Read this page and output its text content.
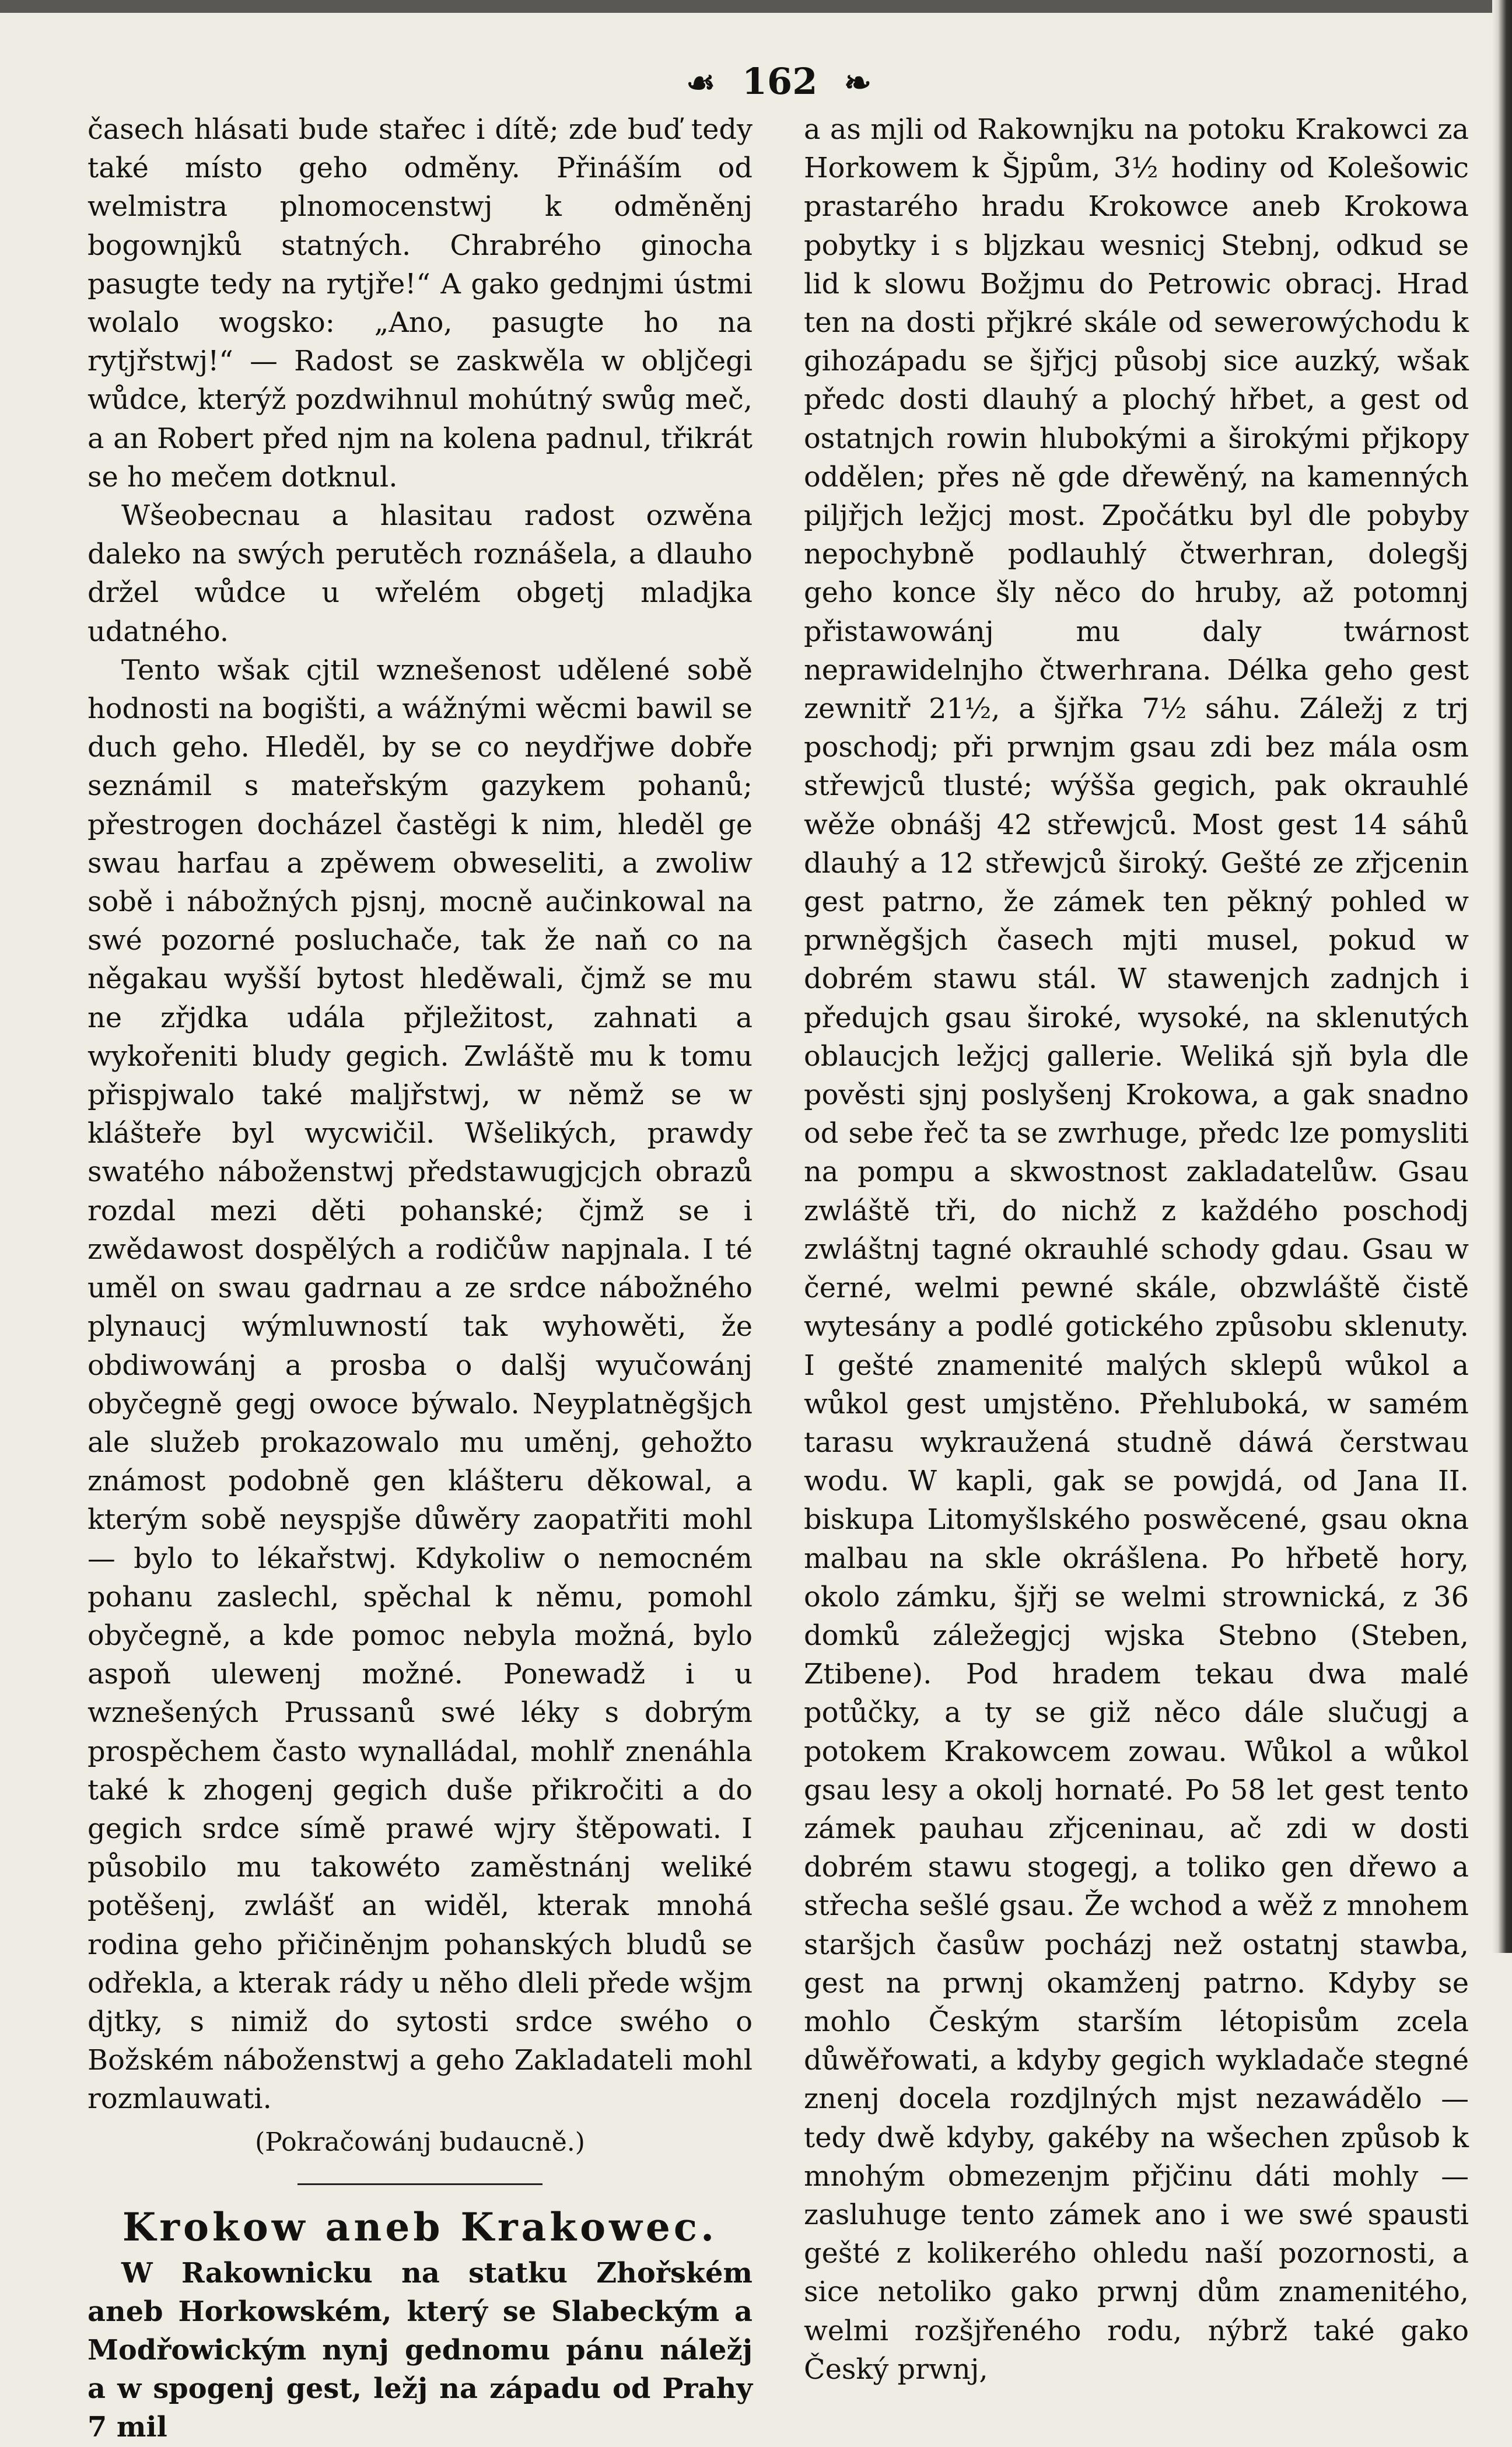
☙ 162 ❧

časech hlásati bude stařec i dítě; zde buď tedy také místo geho odměny. Přináším od welmistra plnomocenstwj k odměněnj bogownjků statných. Chrabrého ginocha pasugte tedy na rytjře!“ A gako gednjmi ústmi wolalo wogsko: „Ano, pasugte ho na rytjřstwj!“ — Radost se zaskwěla w oblјčegi wůdce, kterýž pozdwihnul mohútný swůg meč, a an Robert před njm na kolena padnul, třikrát se ho mečem dotknul.

Wšeobecnau a hlasitau radost ozwěna daleko na swých perutěch roznášela, a dlauho držel wůdce u wřelém obgetj mladjka udatného.

Tento wšak cjtil wznešenost udělené sobě hodnosti na bogišti, a wážnými wěcmi bawil se duch geho. Hleděl, by se co neydřjwe dobře seznámil s mateřským gazykem pohanů; přestrogen docházel častěgi k nim, hleděl ge swau harfau a zpěwem obweseliti, a zwoliw sobě i nábožných pjsnj, mocně aučinkowal na swé pozorné posluchače, tak že naň co na něgakau wyšší bytost hleděwali, čjmž se mu ne zřjdka udála přjležitost, zahnati a wykořeniti bludy gegich. Zwláště mu k tomu přispjwalo také malјřstwj, w němž se w klášteře byl wycwičil. Wšelikých, prawdy swatého náboženstwj předstawugjcjch obrazů rozdal mezi děti pohanské; čjmž se i zwědawost dospělých a rodičůw napjnala. I té uměl on swau gadrnau a ze srdce nábožného plynaucj wýmluwností tak wyhowěti, že obdiwowánj a prosba o dalšj wyučowánj obyčegně gegj owoce býwalo. Neyplatněgšjch ale služeb prokazowalo mu uměnj, gehožto známost podobně gen klášteru děkowal, a kterým sobě neyspjše důwěry zaopatřiti mohl — bylo to lékařstwj. Kdykoliw o nemocném pohanu zaslechl, spěchal k němu, pomohl obyčegně, a kde pomoc nebyla možná, bylo aspoň ulewenj možné. Ponewadž i u wznešených Prussanů swé léky s dobrým prospěchem často wynalládal, mohlř znenáhla také k zhogenj gegich duše přikročiti a do gegich srdce símě prawé wjry štěpowati. I působilo mu takowéto zaměstnánj weliké potěšenj, zwlášť an widěl, kterak mnohá rodina geho přičiněnjm pohanských bludů se odřekla, a kterak rády u něho dleli přede wšjm djtky, s nimiž do sytosti srdce swého o Božském náboženstwj a geho Zakladateli mohl rozmlauwati.

(Pokračowánj budaucně.)

Krokow aneb Krakowec.

W Rakownicku na statku Zhořském aneb Horkowském, který se Slabeckým a Modřowickým nynj gednomu pánu náležj a w spogenj gest, ležj na západu od Prahy 7 mil

a as mjli od Rakownjku na potoku Krakowci za Horkowem k Šjpům, 3½ hodiny od Kolešowic prastarého hradu Krokowce aneb Krokowa pobytky i s blјzkau wesnicj Stebnj, odkud se lid k slowu Božjmu do Petrowic obracj. Hrad ten na dosti přjkré skále od sewerowýchodu k gihozápadu se šјřjcj působj sice auzký, wšak předc dosti dlauhý a plochý hřbet, a gest od ostatnjch rowin hlubokými a širokými přjkopy oddělen; přes ně gde dřewěný, na kamenných pilјřjch ležjcj most. Zpočátku byl dle pobyby nepochybně podlauhlý čtwerhran, dolegšj geho konce šly něco do hruby, až potomnj přistawowánj mu daly twárnost neprawidelnjho čtwerhrana. Délka geho gest zewnitř 21½, a šjřka 7½ sáhu. Záležj z trj poschodj; při prwnjm gsau zdi bez mála osm střewjců tlusté; wýšša gegich, pak okrauhlé wěže obnášj 42 střewjců. Most gest 14 sáhů dlauhý a 12 střewjců široký. Gešté ze zřjcenin gest patrno, že zámek ten pěkný pohled w prwněgšjch časech mjti musel, pokud w dobrém stawu stál. W stawenjch zadnjch i předujch gsau široké, wysoké, na sklenutých oblaucjch ležjcj gallerie. Weliká sjň byla dle pověsti sjnj poslyšenj Krokowa, a gak snadno od sebe řeč ta se zwrhuge, předc lze pomysliti na pompu a skwostnost zakladatelůw. Gsau zwláště tři, do nichž z každého poschodj zwláštnj tagné okrauhlé schody gdau. Gsau w černé, welmi pewné skále, obzwláště čistě wytesány a podlé gotického způsobu sklenuty. I gešté znamenité malých sklepů wůkol a wůkol gest umjstěno. Přehluboká, w samém tarasu wykraužená studně dáwá čerstwau wodu. W kapli, gak se powjdá, od Jana II. biskupa Litomyšlského poswěcené, gsau okna malbau na skle okrášlena. Po hřbetě hory, okolo zámku, šjřj se welmi strownická, z 36 domků záležegjcj wjska Stebno (Steben, Ztibene). Pod hradem tekau dwa malé potůčky, a ty se giž něco dále slučugj a potokem Krakowcem zowau. Wůkol a wůkol gsau lesy a okolj hornaté. Po 58 let gest tento zámek pauhau zřjceninau, ač zdi w dosti dobrém stawu stogegj, a toliko gen dřewo a střecha sešlé gsau. Že wchod a wěž z mnohem staršjch časůw pocházj než ostatnj stawba, gest na prwnj okamženj patrno. Kdyby se mohlo Českým starším létopisům zcela důwěřowati, a kdyby gegich wykladače stegné znenj docela rozdjlných mjst nezawádělo — tedy dwě kdyby, gakéby na wšechen způsob k mnohým obmezenjm přjčinu dáti mohly — zasluhuge tento zámek ano i we swé spausti gešté z kolikerého ohledu naší pozornosti, a sice netoliko gako prwnj dům znamenitého, welmi rozšјřeného rodu, nýbrž také gako Český prwnj,
